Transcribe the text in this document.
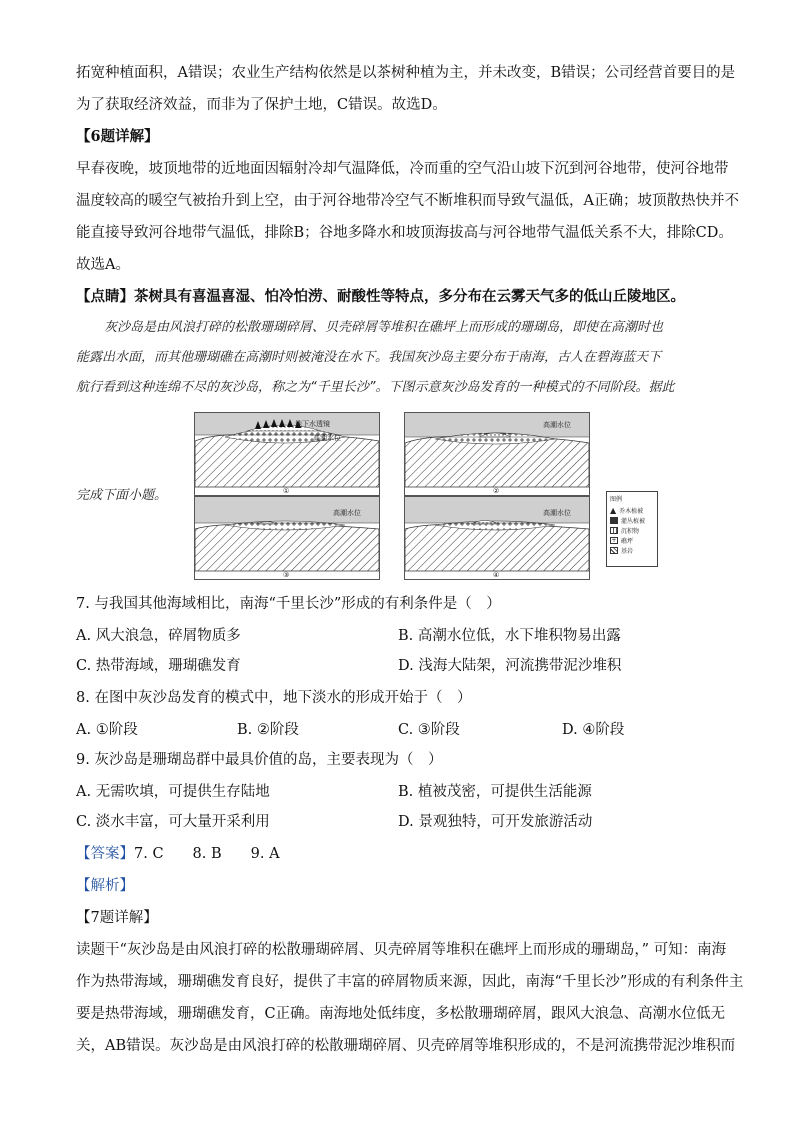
拓宽种植面积，A错误；农业生产结构依然是以茶树种植为主，并未改变，B错误；公司经营首要目的是
为了获取经济效益，而非为了保护土地，C错误。故选D。
【6题详解】
早春夜晚，坡顶地带的近地面因辐射冷却气温降低，冷而重的空气沿山坡下沉到河谷地带，使河谷地带
温度较高的暖空气被抬升到上空，由于河谷地带冷空气不断堆积而导致气温低，A正确；坡顶散热快并不
能直接导致河谷地带气温低，排除B；谷地多降水和坡顶海拔高与河谷地带气温低关系不大，排除CD。
故选A。
【点睛】茶树具有喜温喜湿、怕冷怕涝、耐酸性等特点，多分布在云雾天气多的低山丘陵地区。
灰沙岛是由风浪打碎的松散珊瑚碎屑、贝壳碎屑等堆积在礁坪上而形成的珊瑚岛，即使在高潮时也
能露出水面，而其他珊瑚礁在高潮时则被淹没在水下。我国灰沙岛主要分布于南海，古人在碧海蓝天下
航行看到这种连绵不尽的灰沙岛，称之为“千里长沙”。下图示意灰沙岛发育的一种模式的不同阶段。据此
完成下面小题。
地下水透镜
高潮水位
①
高潮水位
②
高潮水位
③
高潮水位
④
图例
▲ 乔木植被
灌丛植被
沉积物
+ 礁坪
基岩
7. 与我国其他海域相比，南海“千里长沙”形成的有利条件是（　）
A. 风大浪急，碎屑物质多	B. 高潮水位低，水下堆积物易出露
C. 热带海域，珊瑚礁发育	D. 浅海大陆架，河流携带泥沙堆积
8. 在图中灰沙岛发育的模式中，地下淡水的形成开始于（　）
A. ①阶段	B. ②阶段	C. ③阶段	D. ④阶段
9. 灰沙岛是珊瑚岛群中最具价值的岛，主要表现为（　）
A. 无需吹填，可提供生存陆地	B. 植被茂密，可提供生活能源
C. 淡水丰富，可大量开采利用	D. 景观独特，可开发旅游活动
【答案】7. C　　8. B　　9. A
【解析】
【7题详解】
读题干“灰沙岛是由风浪打碎的松散珊瑚碎屑、贝壳碎屑等堆积在礁坪上而形成的珊瑚岛，” 可知：南海
作为热带海域，珊瑚礁发育良好，提供了丰富的碎屑物质来源，因此，南海“千里长沙”形成的有利条件主
要是热带海域，珊瑚礁发育，C正确。南海地处低纬度，多松散珊瑚碎屑，跟风大浪急、高潮水位低无
关，AB错误。灰沙岛是由风浪打碎的松散珊瑚碎屑、贝壳碎屑等堆积形成的，不是河流携带泥沙堆积而
